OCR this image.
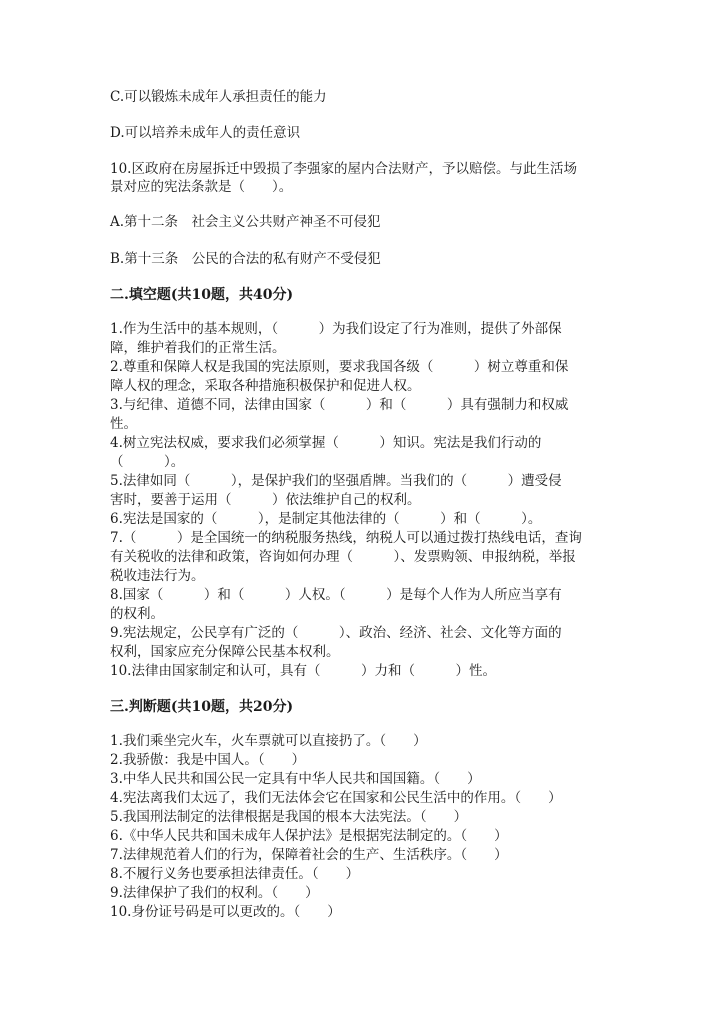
C.可以锻炼未成年人承担责任的能力
D.可以培养未成年人的责任意识
10.区政府在房屋拆迁中毁损了李强家的屋内合法财产，予以赔偿。与此生活场
景对应的宪法条款是（　　）。
A.第十二条　社会主义公共财产神圣不可侵犯
B.第十三条　公民的合法的私有财产不受侵犯
二.填空题(共10题，共40分)
1.作为生活中的基本规则，（　　　）为我们设定了行为准则，提供了外部保
障，维护着我们的正常生活。
2.尊重和保障人权是我国的宪法原则，要求我国各级（　　　）树立尊重和保
障人权的理念，采取各种措施积极保护和促进人权。
3.与纪律、道德不同，法律由国家（　　　）和（　　　）具有强制力和权威
性。
4.树立宪法权威，要求我们必须掌握（　　　）知识。宪法是我们行动的
（　　　）。
5.法律如同（　　　），是保护我们的坚强盾牌。当我们的（　　　）遭受侵
害时，要善于运用（　　　）依法维护自己的权利。
6.宪法是国家的（　　　），是制定其他法律的（　　　）和（　　　）。
7.（　　　）是全国统一的纳税服务热线，纳税人可以通过拨打热线电话，查询
有关税收的法律和政策，咨询如何办理（　　　）、发票购领、申报纳税，举报
税收违法行为。
8.国家（　　　）和（　　　）人权。（　　　）是每个人作为人所应当享有
的权利。
9.宪法规定，公民享有广泛的（　　　）、政治、经济、社会、文化等方面的
权利，国家应充分保障公民基本权利。
10.法律由国家制定和认可，具有（　　　）力和（　　　）性。
三.判断题(共10题，共20分)
1.我们乘坐完火车，火车票就可以直接扔了。（　　）
2.我骄傲：我是中国人。（　　）
3.中华人民共和国公民一定具有中华人民共和国国籍。（　　）
4.宪法离我们太远了，我们无法体会它在国家和公民生活中的作用。（　　）
5.我国刑法制定的法律根据是我国的根本大法宪法。（　　）
6.《中华人民共和国未成年人保护法》是根据宪法制定的。（　　）
7.法律规范着人们的行为，保障着社会的生产、生活秩序。（　　）
8.不履行义务也要承担法律责任。（　　）
9.法律保护了我们的权利。（　　）
10.身份证号码是可以更改的。（　　）
